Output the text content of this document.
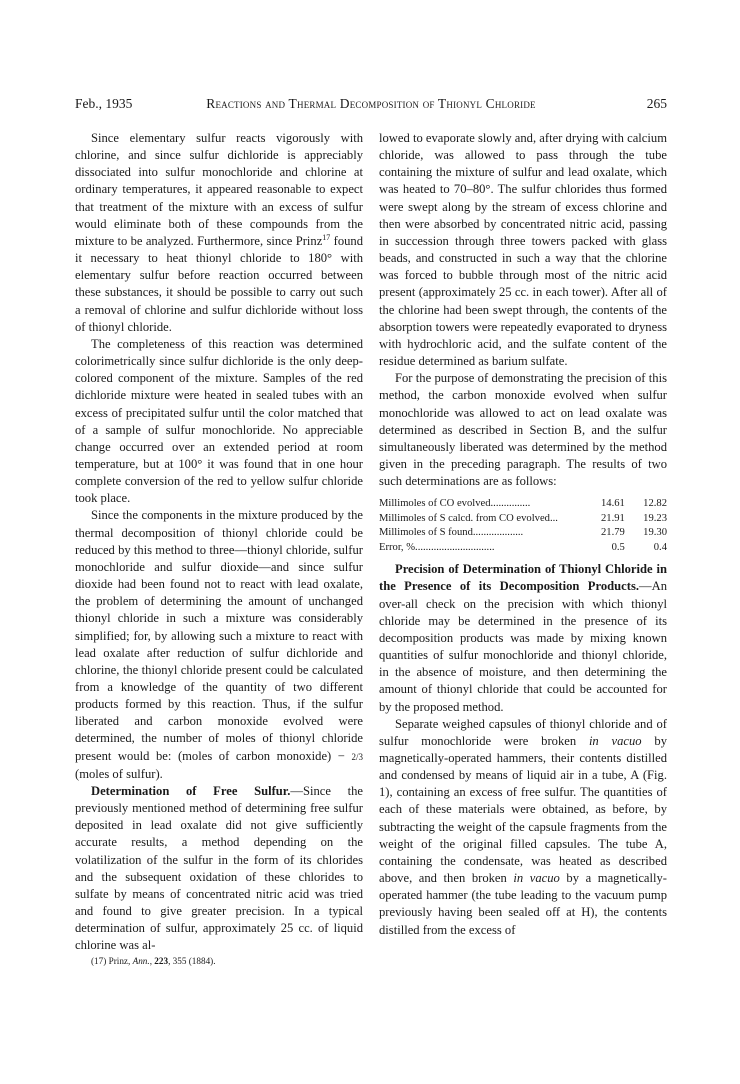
Feb., 1935	Reactions and Thermal Decomposition of Thionyl Chloride	265

Since elementary sulfur reacts vigorously with chlorine, and since sulfur dichloride is appreciably dissociated into sulfur monochloride and chlorine at ordinary temperatures, it appeared reasonable to expect that treatment of the mixture with an excess of sulfur would eliminate both of these compounds from the mixture to be analyzed. Furthermore, since Prinz$^{17}$ found it necessary to heat thionyl chloride to 180° with elementary sulfur before reaction occurred between these substances, it should be possible to carry out such a removal of chlorine and sulfur dichloride without loss of thionyl chloride.

The completeness of this reaction was determined colorimetrically since sulfur dichloride is the only deep-colored component of the mixture. Samples of the red dichloride mixture were heated in sealed tubes with an excess of precipitated sulfur until the color matched that of a sample of sulfur monochloride. No appreciable change occurred over an extended period at room temperature, but at 100° it was found that in one hour complete conversion of the red to yellow sulfur chloride took place.

Since the components in the mixture produced by the thermal decomposition of thionyl chloride could be reduced by this method to three—thionyl chloride, sulfur monochloride and sulfur dioxide—and since sulfur dioxide had been found not to react with lead oxalate, the problem of determining the amount of unchanged thionyl chloride in such a mixture was considerably simplified; for, by allowing such a mixture to react with lead oxalate after reduction of sulfur dichloride and chlorine, the thionyl chloride present could be calculated from a knowledge of the quantity of two different products formed by this reaction. Thus, if the sulfur liberated and carbon monoxide evolved were determined, the number of moles of thionyl chloride present would be: (moles of carbon monoxide) − 2/3 (moles of sulfur).

Determination of Free Sulfur.—Since the previously mentioned method of determining free sulfur deposited in lead oxalate did not give sufficiently accurate results, a method depending on the volatilization of the sulfur in the form of its chlorides and the subsequent oxidation of these chlorides to sulfate by means of concentrated nitric acid was tried and found to give greater precision. In a typical determination of sulfur, approximately 25 cc. of liquid chlorine was al-

(17) Prinz, Ann., 223, 355 (1884).

lowed to evaporate slowly and, after drying with calcium chloride, was allowed to pass through the tube containing the mixture of sulfur and lead oxalate, which was heated to 70–80°. The sulfur chlorides thus formed were swept along by the stream of excess chlorine and then were absorbed by concentrated nitric acid, passing in succession through three towers packed with glass beads, and constructed in such a way that the chlorine was forced to bubble through most of the nitric acid present (approximately 25 cc. in each tower). After all of the chlorine had been swept through, the contents of the absorption towers were repeatedly evaporated to dryness with hydrochloric acid, and the sulfate content of the residue determined as barium sulfate.

For the purpose of demonstrating the precision of this method, the carbon monoxide evolved when sulfur monochloride was allowed to act on lead oxalate was determined as described in Section B, and the sulfur simultaneously liberated was determined by the method given in the preceding paragraph. The results of two such determinations are as follows:

Millimoles of CO evolved...............	14.61	12.82
Millimoles of S calcd. from CO evolved...	21.91	19.23
Millimoles of S found...................	21.79	19.30
Error, %..............................	0.5	0.4

Precision of Determination of Thionyl Chloride in the Presence of its Decomposition Products.—An over-all check on the precision with which thionyl chloride may be determined in the presence of its decomposition products was made by mixing known quantities of sulfur monochloride and thionyl chloride, in the absence of moisture, and then determining the amount of thionyl chloride that could be accounted for by the proposed method.

Separate weighed capsules of thionyl chloride and of sulfur monochloride were broken in vacuo by magnetically-operated hammers, their contents distilled and condensed by means of liquid air in a tube, A (Fig. 1), containing an excess of free sulfur. The quantities of each of these materials were obtained, as before, by subtracting the weight of the capsule fragments from the weight of the original filled capsules. The tube A, containing the condensate, was heated as described above, and then broken in vacuo by a magnetically-operated hammer (the tube leading to the vacuum pump previously having been sealed off at H), the contents distilled from the excess of
